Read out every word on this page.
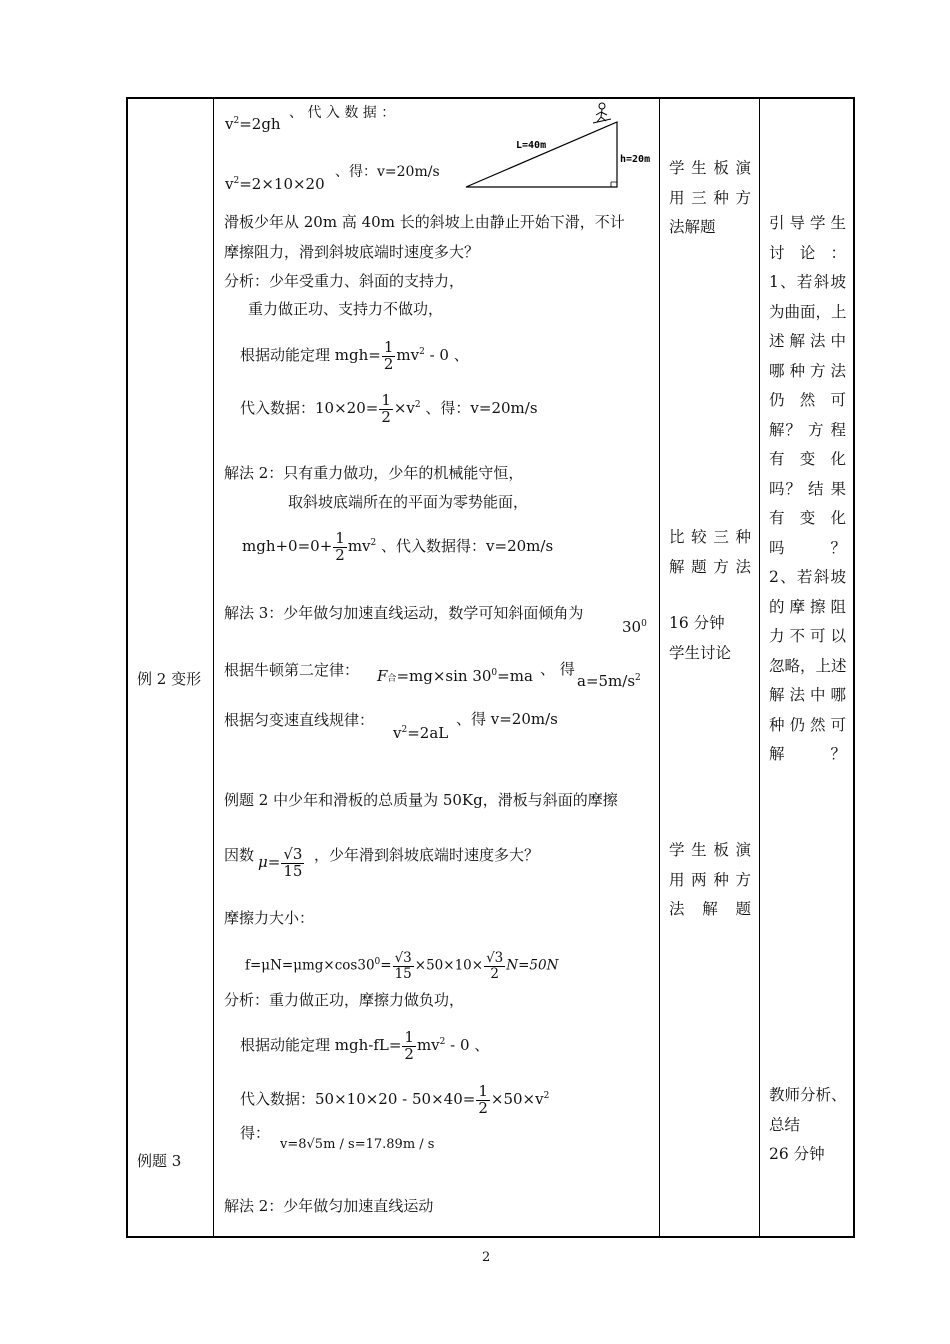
例 2 变形
例题 3
L=40m
h=20m
$v^2=2gh$
、 代 入 数 据 ：
$v^2=2\times 10\times 20$
、得：v=20m/s
滑板少年从 20m 高 40m 长的斜坡上由静止开始下滑，不计
摩擦阻力，滑到斜坡底端时速度多大？
分析：少年受重力、斜面的支持力，
重力做正功、支持力不做功，
根据动能定理 $mgh= \frac{1}{2} mv^2 - 0$ 、
代入数据：$10\times 20= \frac{1}{2} \times v^2$ 、得：v=20m/s
解法 2：只有重力做功，少年的机械能守恒，
取斜坡底端所在的平面为零势能面，
$mgh+0=0+ \frac{1}{2} mv^2$ 、代入数据得：v=20m/s
解法 3：少年做匀加速直线运动，数学可知斜面倾角为
$30^0$
根据牛顿第二定律： F合=mg×sin $30^0=ma$ 、 得
$a=5m/s^2$
根据匀变速直线规律：
$v^2=2aL$
、得 v=20m/s
例题 2 中少年和滑板的总质量为 50Kg，滑板与斜面的摩擦
因数 $\mu= \frac{√3}{15}$ ，少年滑到斜坡底端时速度多大？
摩擦力大小：
$f=\mu N=\mu mg\times\cos 30^0= \frac{√3}{15} \times 50\times 10\times \frac{√3}{2} N=50N$
分析：重力做正功，摩擦力做负功，
根据动能定理 $mgh-fL= \frac{1}{2} mv^2 - 0$ 、
代入数据：$50\times 10\times 20 - 50\times 40= \frac{1}{2} \times 50\times v^2$
得：
v=8√5m / s=17.89m / s
解法 2：少年做匀加速直线运动
学 生 板 演
用 三 种 方
法解题
比 较 三 种
解题方法
16 分钟
学生讨论
学 生 板 演
用 两 种 方
法解题
引 导 学 生
讨论：
1、若斜坡
为曲面，上
述 解 法 中
哪 种 方 法
仍 然 可
解？ 方 程
有 变 化
吗？ 结 果
有 变 化
吗？
2、若斜坡
的 摩 擦 阻
力 不 可 以
忽略，上述
解 法 中 哪
种 仍 然 可
解？
教师分析、
总结
26 分钟
2
